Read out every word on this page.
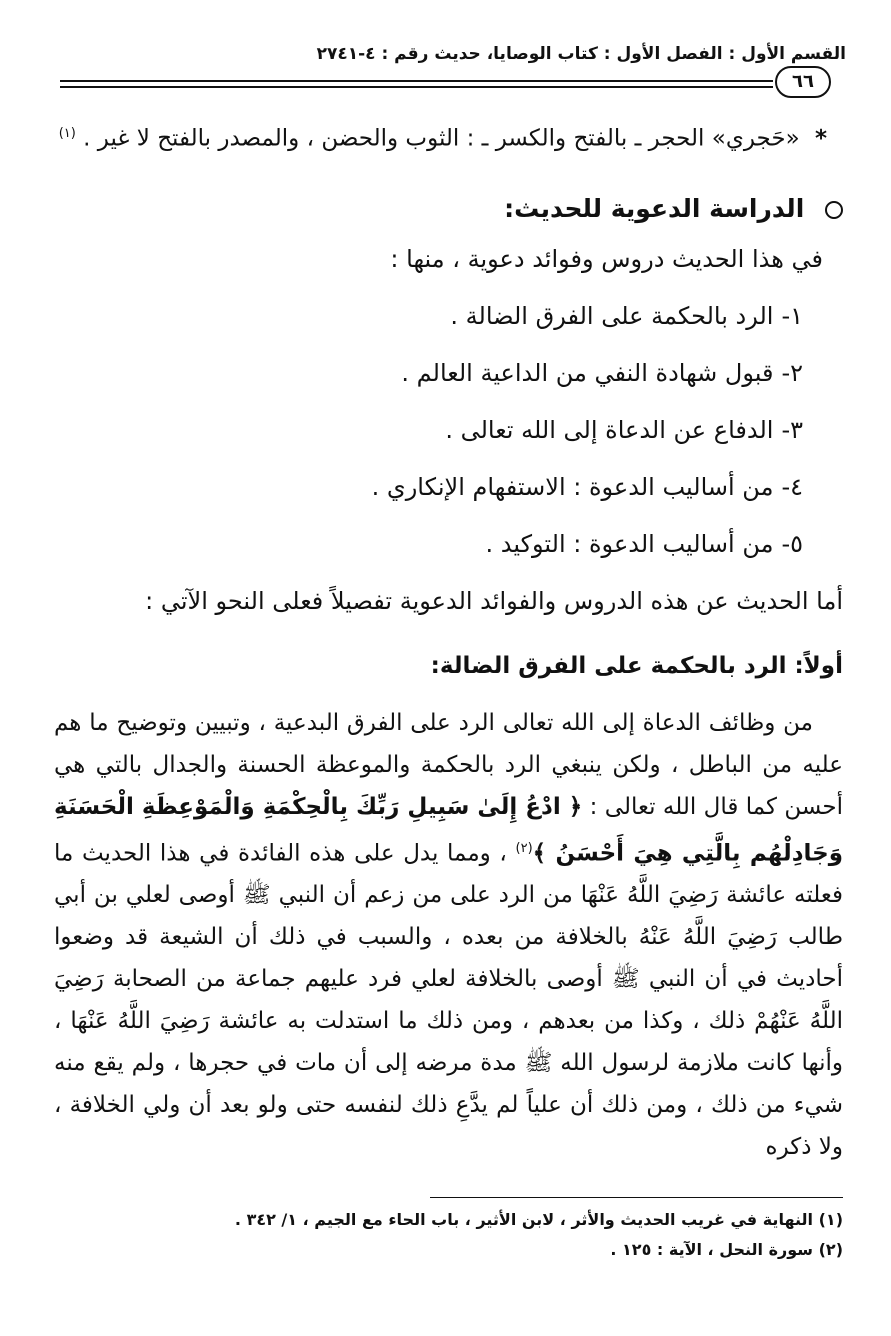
القسم الأول : الفصل الأول : كتاب الوصايا، حديث رقم : ٤-٢٧٤١
٦٦
* «حَجري» الحجر ـ بالفتح والكسر ـ : الثوب والحضن ، والمصدر بالفتح لا غير . $^{(١)}$
الدراسة الدعوية للحديث:

في هذا الحديث دروس وفوائد دعوية ، منها :

١-الرد بالحكمة على الفرق الضالة .

٢-قبول شهادة النفي من الداعية العالم .

٣-الدفاع عن الدعاة إلى الله تعالى .

٤-من أساليب الدعوة : الاستفهام الإنكاري .

٥-من أساليب الدعوة : التوكيد .

أما الحديث عن هذه الدروس والفوائد الدعوية تفصيلاً فعلى النحو الآتي :

أولاً: الرد بالحكمة على الفرق الضالة:
من وظائف الدعاة إلى الله تعالى الرد على الفرق البدعية ، وتبيين وتوضيح ما هم عليه من الباطل ، ولكن ينبغي الرد بالحكمة والموعظة الحسنة والجدال بالتي هي أحسن كما قال الله تعالى : ﴿ ادْعُ إِلَىٰ سَبِيلِ رَبِّكَ بِالْحِكْمَةِ وَالْمَوْعِظَةِ الْحَسَنَةِ وَجَادِلْهُم بِالَّتِي هِيَ أَحْسَنُ ﴾$^{(٢)}$ ، ومما يدل على هذه الفائدة في هذا الحديث ما فعلته عائشة رَضِيَ اللَّهُ عَنْهَا من الرد على من زعم أن النبي ﷺ أوصى لعلي بن أبي طالب رَضِيَ اللَّهُ عَنْهُ بالخلافة من بعده ، والسبب في ذلك أن الشيعة قد وضعوا أحاديث في أن النبي ﷺ أوصى بالخلافة لعلي فرد عليهم جماعة من الصحابة رَضِيَ اللَّهُ عَنْهُمْ ذلك ، وكذا من بعدهم ، ومن ذلك ما استدلت به عائشة رَضِيَ اللَّهُ عَنْهَا ، وأنها كانت ملازمة لرسول الله ﷺ مدة مرضه إلى أن مات في حجرها ، ولم يقع منه شيء من ذلك ، ومن ذلك أن علياً لم يدَّعِ ذلك لنفسه حتى ولو بعد أن ولي الخلافة ، ولا ذكره
(١) النهاية في غريب الحديث والأثر ، لابن الأثير ، باب الحاء مع الجيم ، ١/ ٣٤٢ .
(٢) سورة النحل ، الآية : ١٢٥ .
